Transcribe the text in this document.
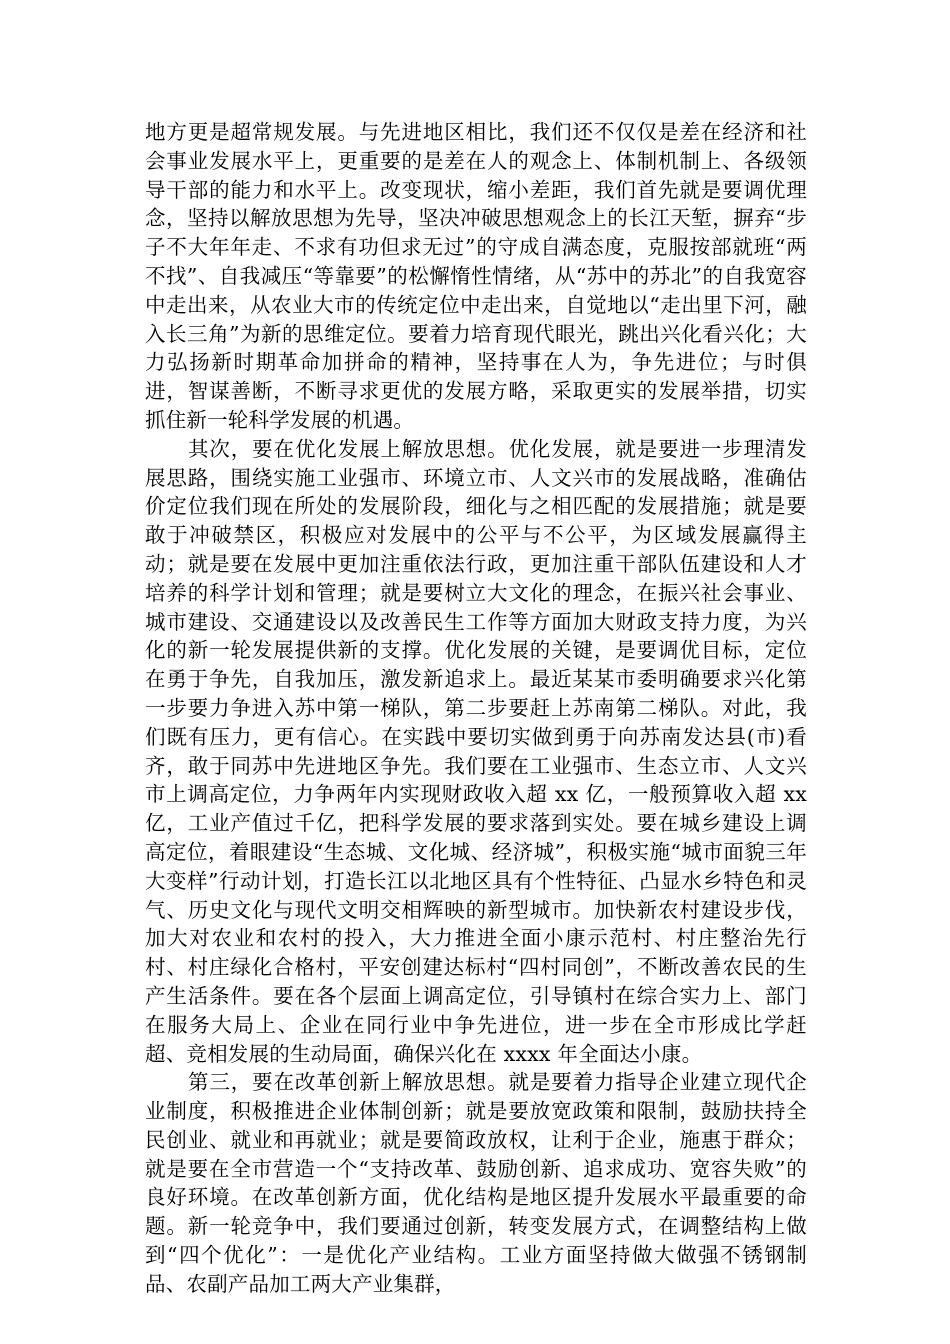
地方更是超常规发展。与先进地区相比，我们还不仅仅是差在经济和社会事业发展水平上，更重要的是差在人的观念上、体制机制上、各级领导干部的能力和水平上。改变现状，缩小差距，我们首先就是要调优理念，坚持以解放思想为先导，坚决冲破思想观念上的长江天堑，摒弃“步子不大年年走、不求有功但求无过”的守成自满态度，克服按部就班“两不找”、自我减压“等靠要”的松懈惰性情绪，从“苏中的苏北”的自我宽容中走出来，从农业大市的传统定位中走出来，自觉地以“走出里下河，融入长三角”为新的思维定位。要着力培育现代眼光，跳出兴化看兴化；大力弘扬新时期革命加拼命的精神，坚持事在人为，争先进位；与时俱进，智谋善断，不断寻求更优的发展方略，采取更实的发展举措，切实抓住新一轮科学发展的机遇。

其次，要在优化发展上解放思想。优化发展，就是要进一步理清发展思路，围绕实施工业强市、环境立市、人文兴市的发展战略，准确估价定位我们现在所处的发展阶段，细化与之相匹配的发展措施；就是要敢于冲破禁区，积极应对发展中的公平与不公平，为区域发展赢得主动；就是要在发展中更加注重依法行政，更加注重干部队伍建设和人才培养的科学计划和管理；就是要树立大文化的理念，在振兴社会事业、城市建设、交通建设以及改善民生工作等方面加大财政支持力度，为兴化的新一轮发展提供新的支撑。优化发展的关键，是要调优目标，定位在勇于争先，自我加压，激发新追求上。最近某某市委明确要求兴化第一步要力争进入苏中第一梯队，第二步要赶上苏南第二梯队。对此，我们既有压力，更有信心。在实践中要切实做到勇于向苏南发达县(市)看齐，敢于同苏中先进地区争先。我们要在工业强市、生态立市、人文兴市上调高定位，力争两年内实现财政收入超 xx 亿，一般预算收入超 xx 亿，工业产值过千亿，把科学发展的要求落到实处。要在城乡建设上调高定位，着眼建设“生态城、文化城、经济城”，积极实施“城市面貌三年大变样”行动计划，打造长江以北地区具有个性特征、凸显水乡特色和灵气、历史文化与现代文明交相辉映的新型城市。加快新农村建设步伐，加大对农业和农村的投入，大力推进全面小康示范村、村庄整治先行村、村庄绿化合格村，平安创建达标村“四村同创”，不断改善农民的生产生活条件。要在各个层面上调高定位，引导镇村在综合实力上、部门在服务大局上、企业在同行业中争先进位，进一步在全市形成比学赶超、竞相发展的生动局面，确保兴化在 xxxx 年全面达小康。

第三，要在改革创新上解放思想。就是要着力指导企业建立现代企业制度，积极推进企业体制创新；就是要放宽政策和限制，鼓励扶持全民创业、就业和再就业；就是要简政放权，让利于企业，施惠于群众；就是要在全市营造一个“支持改革、鼓励创新、追求成功、宽容失败”的良好环境。在改革创新方面，优化结构是地区提升发展水平最重要的命题。新一轮竞争中，我们要通过创新，转变发展方式，在调整结构上做到“四个优化”：一是优化产业结构。工业方面坚持做大做强不锈钢制品、农副产品加工两大产业集群，
